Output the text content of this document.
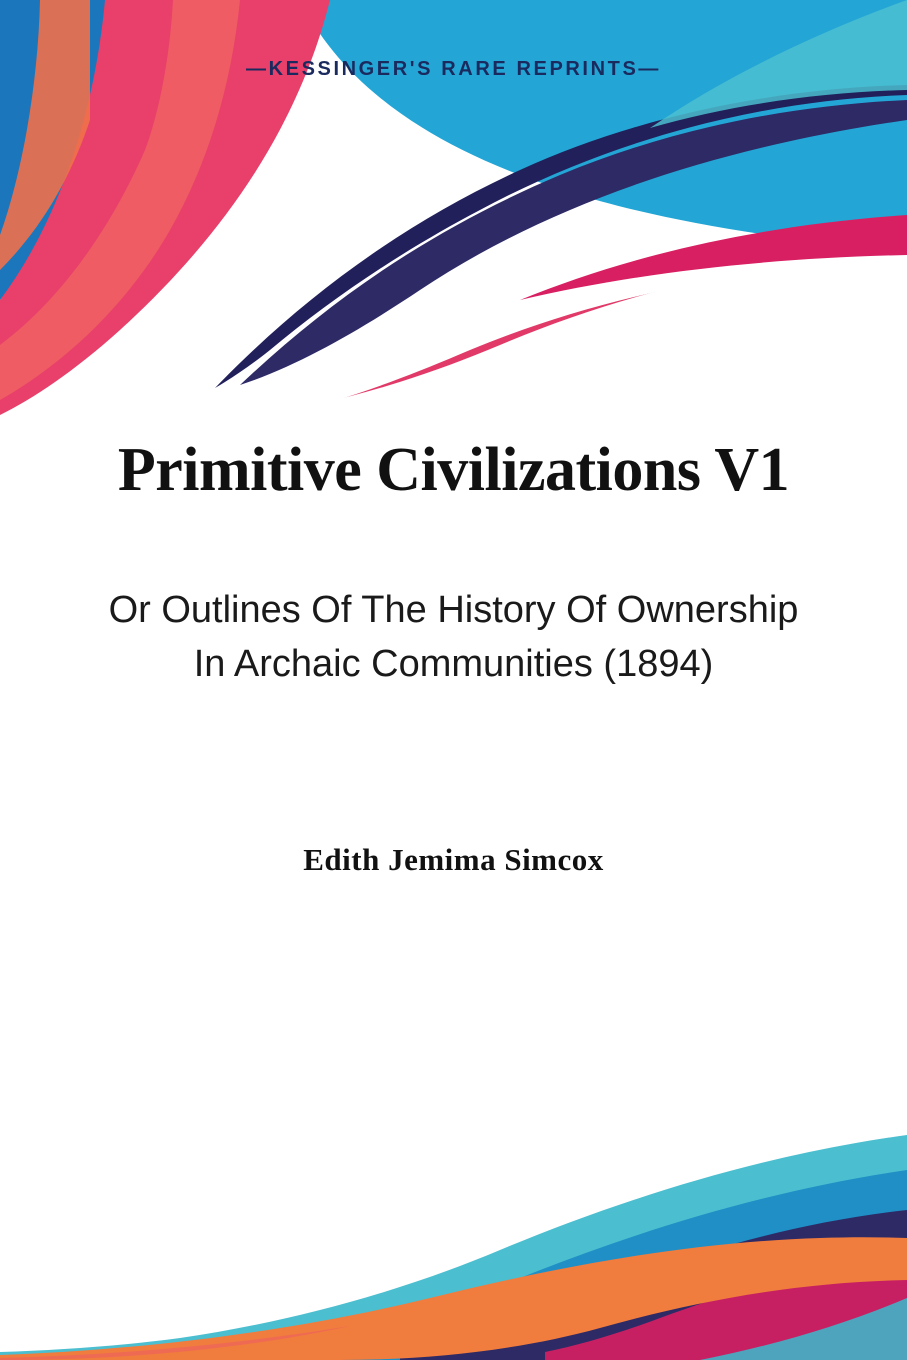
—KESSINGER'S RARE REPRINTS—
Primitive Civilizations V1
Or Outlines Of The History Of Ownership In Archaic Communities (1894)
Edith Jemima Simcox
